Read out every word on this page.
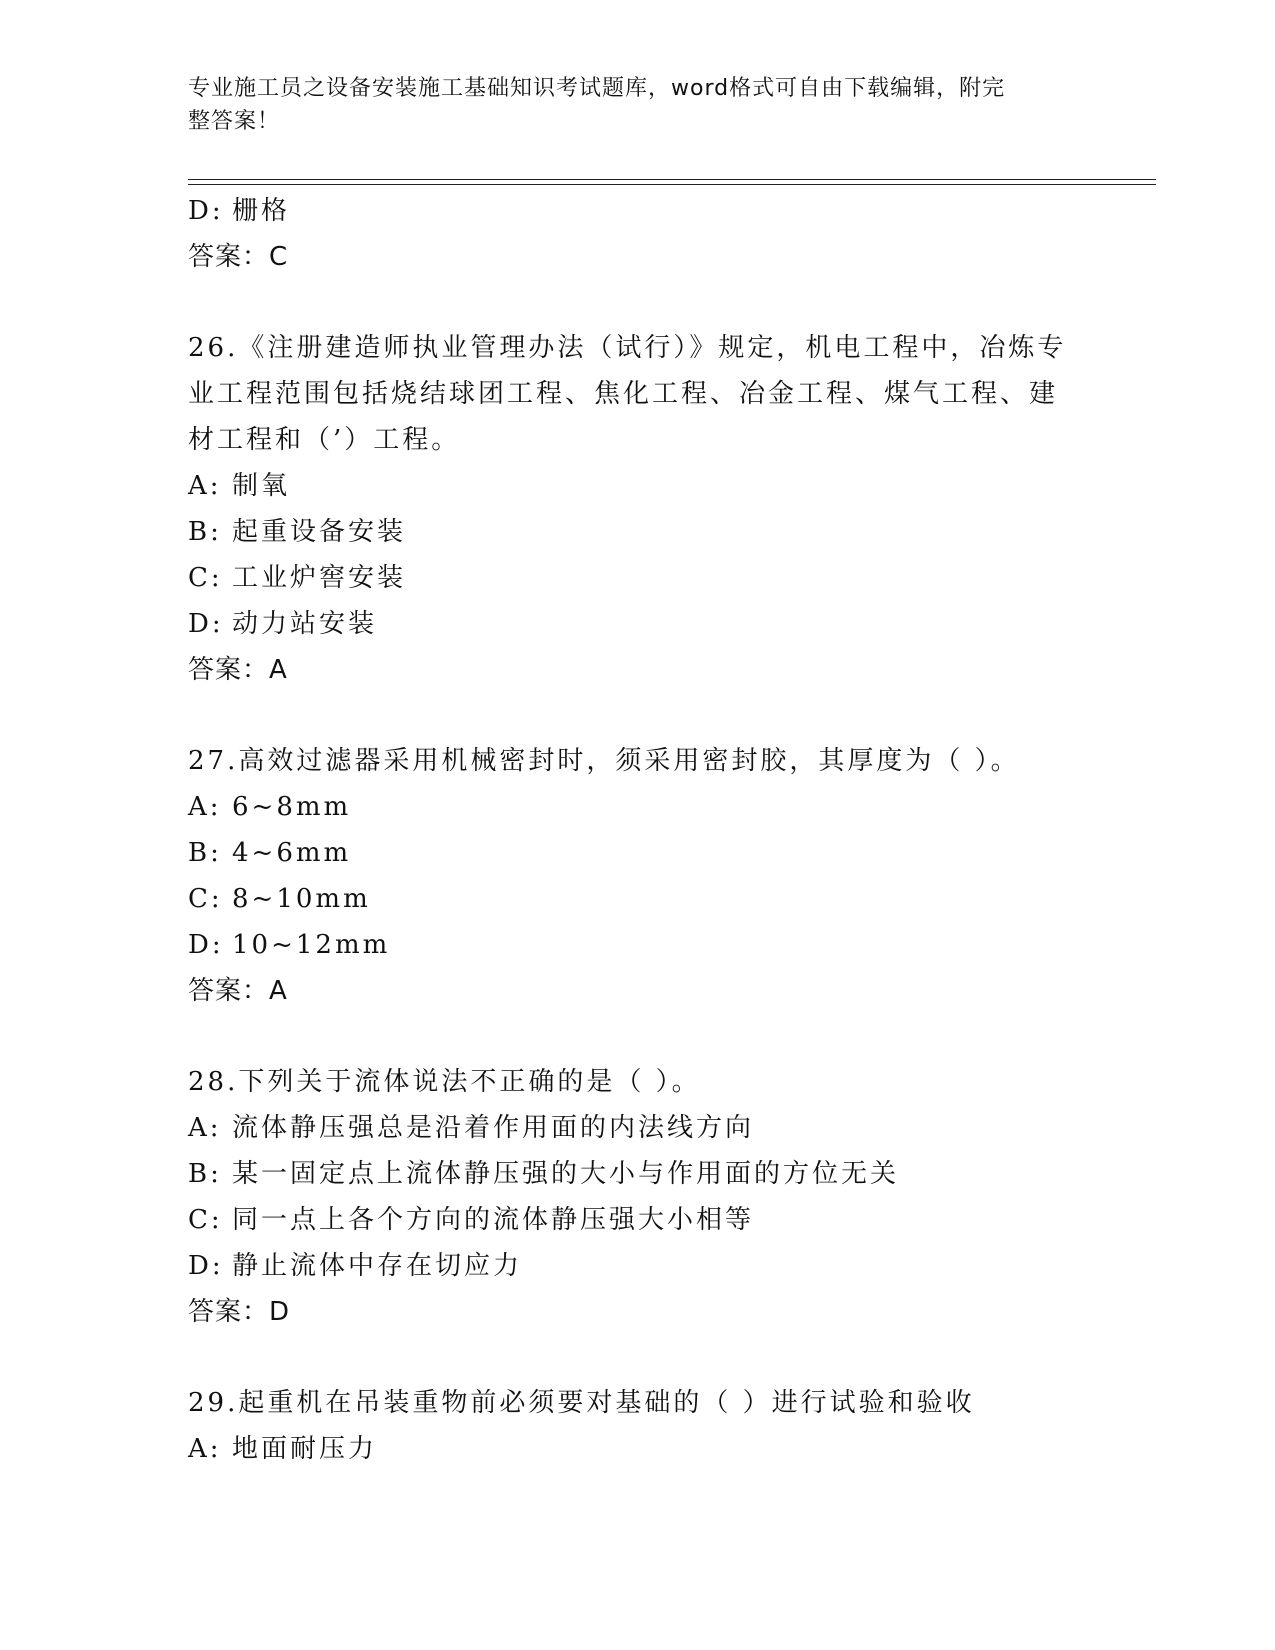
专业施工员之设备安装施工基础知识考试题库，word格式可自由下载编辑，附完
整答案！
D: 栅格
答案：C
26.《注册建造师执业管理办法（试行）》规定，机电工程中，冶炼专
业工程范围包括烧结球团工程、焦化工程、冶金工程、煤气工程、建
材工程和（’）工程。
A: 制氧
B: 起重设备安装
C: 工业炉窖安装
D: 动力站安装
答案：A
27.高效过滤器采用机械密封时，须采用密封胶，其厚度为（ ）。
A: 6~8mm
B: 4~6mm
C: 8~10mm
D: 10~12mm
答案：A
28.下列关于流体说法不正确的是（ ）。
A: 流体静压强总是沿着作用面的内法线方向
B: 某一固定点上流体静压强的大小与作用面的方位无关
C: 同一点上各个方向的流体静压强大小相等
D: 静止流体中存在切应力
答案：D
29.起重机在吊装重物前必须要对基础的（ ）进行试验和验收
A: 地面耐压力
